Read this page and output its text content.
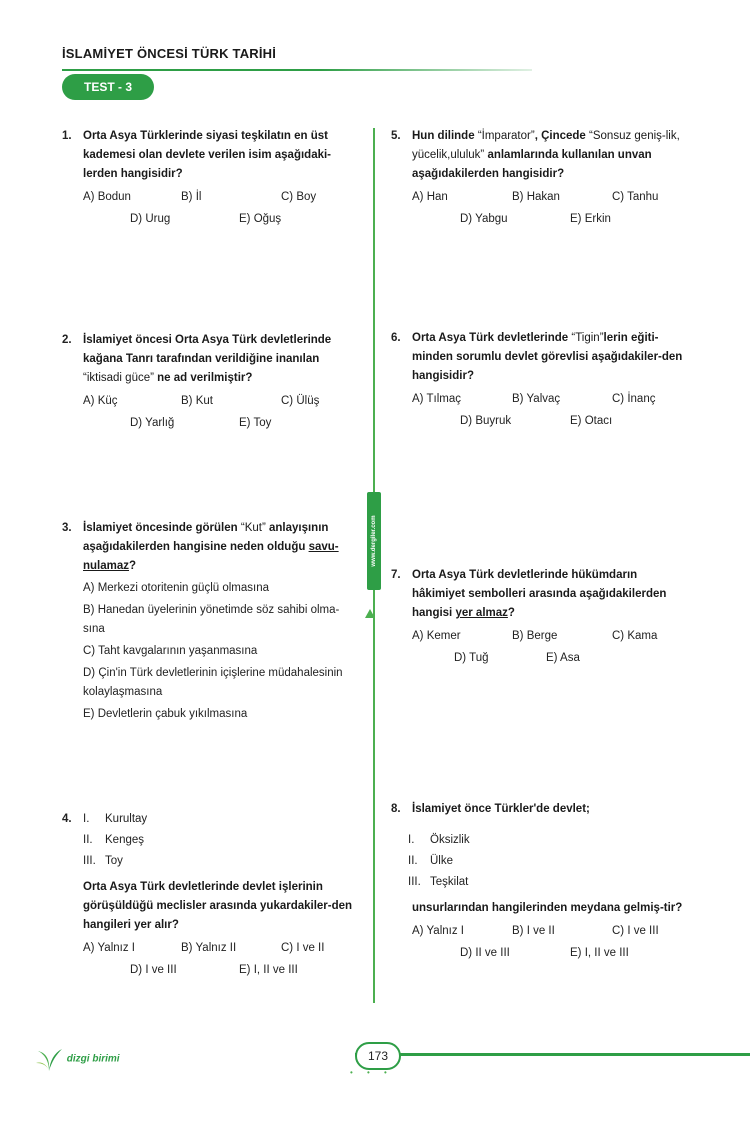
İSLAMİYET ÖNCESİ TÜRK TARİHİ
TEST - 3
www.dergiler.com
1. Orta Asya Türklerinde siyasi teşkilatın en üst kademesi olan devlete verilen isim aşağıdaki-lerden hangisidir?
A) Bodun	B) İl	C) Boy
D) Urug	E) Oğuş
2. İslamiyet öncesi Orta Asya Türk devletlerinde kağana Tanrı tarafından verildiğine inanılan “iktisadi güce” ne ad verilmiştir?
A) Küç	B) Kut	C) Ülüş
D) Yarlığ	E) Toy
3. İslamiyet öncesinde görülen “Kut” anlayışının aşağıdakilerden hangisine neden olduğu savu-nulamaz?
A) Merkezi otoritenin güçlü olmasına
B) Hanedan üyelerinin yönetimde söz sahibi olma-sına
C) Taht kavgalarının yaşanmasına
D) Çin'in Türk devletlerinin içişlerine müdahalesinin kolaylaşmasına
E) Devletlerin çabuk yıkılmasına
4. I. Kurultay
II. Kengeş
III. Toy
Orta Asya Türk devletlerinde devlet işlerinin görüşüldüğü meclisler arasında yukardakiler-den hangileri yer alır?
A) Yalnız I	B) Yalnız II	C) I ve II
D) I ve III	E) I, II ve III
5. Hun dilinde “İmparator”, Çincede “Sonsuz geniş-lik, yücelik,ululuk” anlamlarında kullanılan unvan aşağıdakilerden hangisidir?
A) Han	B) Hakan	C) Tanhu
D) Yabgu	E) Erkin
6. Orta Asya Türk devletlerinde “Tigin”lerin eğiti-minden sorumlu devlet görevlisi aşağıdakiler-den hangisidir?
A) Tılmaç	B) Yalvaç	C) İnanç
D) Buyruk	E) Otacı
7. Orta Asya Türk devletlerinde hükümdarın hâkimiyet sembolleri arasında aşağıdakilerden hangisi yer almaz?
A) Kemer	B) Berge	C) Kama
D) Tuğ	E) Asa
8. İslamiyet önce Türkler'de devlet;
I. Öksizlik
II. Ülke
III. Teşkilat
unsurlarından hangilerinden meydana gelmiş-tir?
A) Yalnız I	B) I ve II	C) I ve III
D) II ve III	E) I, II ve III
dizgi birimi	173
• • •
